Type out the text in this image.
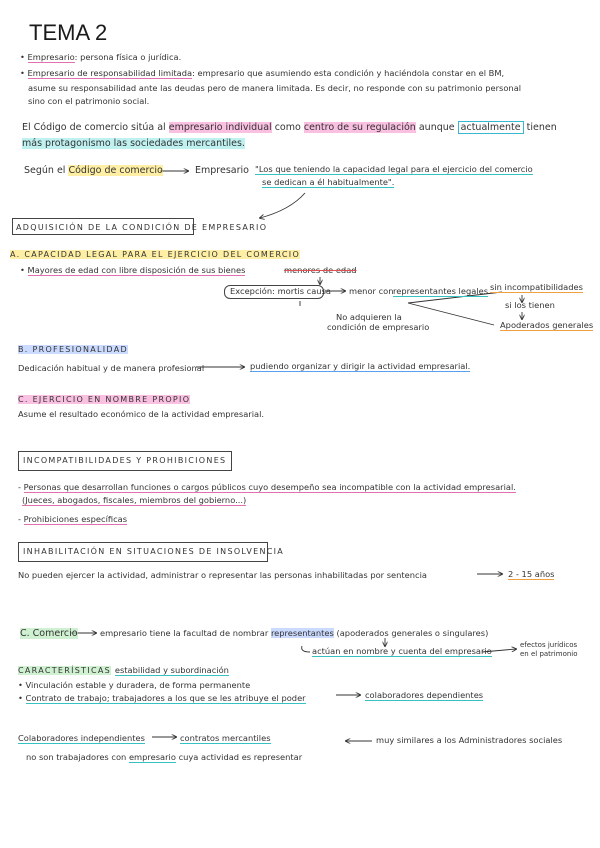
TEMA 2
• Empresario: persona física o jurídica.
• Empresario de responsabilidad limitada: empresario que asumiendo esta condición y haciéndola constar en el BM,
asume su responsabilidad ante las deudas pero de manera limitada. Es decir, no responde con su patrimonio personal
sino con el patrimonio social.
El Código de comercio sitúa al empresario individual como centro de su regulación aunque actualmente tienen
más protagonismo las sociedades mercantiles.
Según el Código de comercio	Empresario "Los que teniendo la capacidad legal para el ejercicio del comercio
se dedican a él habitualmente".
ADQUISICIÓN DE LA CONDICIÓN DE EMPRESARIO
A. CAPACIDAD LEGAL PARA EL EJERCICIO DEL COMERCIO
• Mayores de edad con libre disposición de sus bienes	menores de edad
Excepción: mortis causa menor con representantes legales sin incompatibilidades
si los tienen
No adquieren la
condición de empresario	Apoderados generales
B. PROFESIONALIDAD
Dedicación habitual y de manera profesional	pudiendo organizar y dirigir la actividad empresarial.
C. EJERCICIO EN NOMBRE PROPIO
Asume el resultado económico de la actividad empresarial.
INCOMPATIBILIDADES Y PROHIBICIONES
- Personas que desarrollan funciones o cargos públicos cuyo desempeño sea incompatible con la actividad empresarial.
(Jueces, abogados, fiscales, miembros del gobierno...)
- Prohibiciones específicas
INHABILITACIÓN EN SITUACIONES DE INSOLVENCIA
No pueden ejercer la actividad, administrar o representar las personas inhabilitadas por sentencia	2 - 15 años
C. Comercio	empresario tiene la facultad de nombrar representantes (apoderados generales o singulares)
actúan en nombre y cuenta del empresario
efectos jurídicos
en el patrimonio
CARACTERÍSTICAS estabilidad y subordinación
• Vinculación estable y duradera, de forma permanente
• Contrato de trabajo; trabajadores a los que se les atribuye el poder	colaboradores dependientes
Colaboradores independientes	contratos mercantiles	muy similares a los Administradores sociales
no son trabajadores con empresario cuya actividad es representar
